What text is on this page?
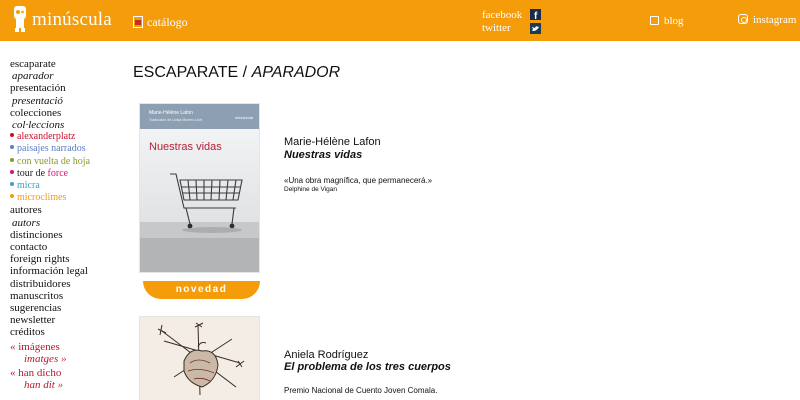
minúscula	catálogo	facebook f
twitter
blog	instagram
escaparate
aparador
presentación
presentació
colecciones
col·leccions
alexanderplatz
paisajes narrados
con vuelta de hoja
tour de force
micra
microclimes
autores
autors
distinciones
contacto
foreign rights
información legal
distribuidores
manuscritos
sugerencias
newsletter
créditos
« imágenes
imatges »
« han dicho
han dit »
ESCAPARATE / APARADOR
Marie-Hélène Lafon
Traducción de Lluïsa Moreno Llort	minúscula
Nuestras vidas
novedad
Marie-Hélène Lafon
Nuestras vidas
«Una obra magnífica, que permanecerá.»
Delphine de Vigan
Aniela Rodríguez
El problema de los tres cuerpos
Premio Nacional de Cuento Joven Comala.
